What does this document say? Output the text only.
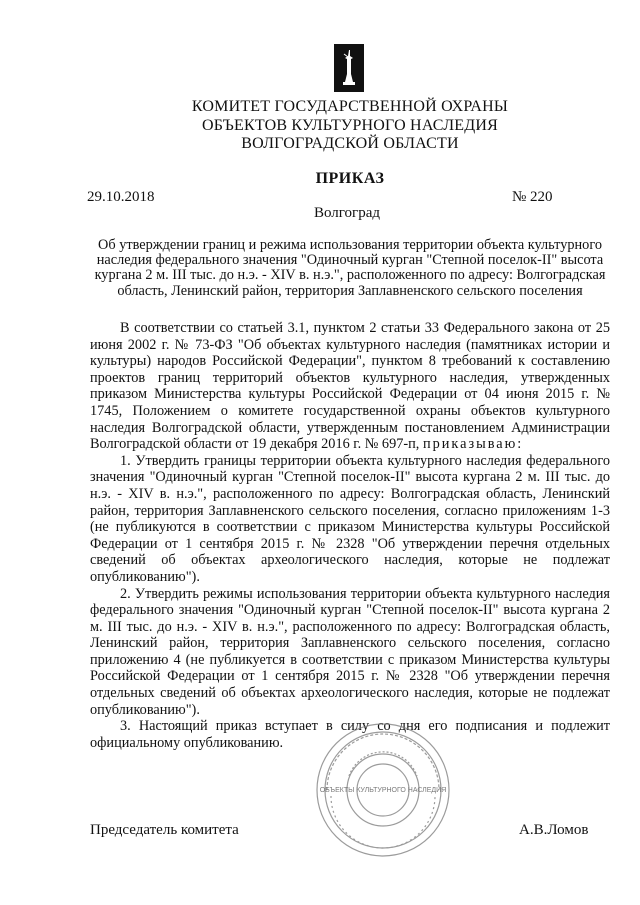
КОМИТЕТ ГОСУДАРСТВЕННОЙ ОХРАНЫ
ОБЪЕКТОВ КУЛЬТУРНОГО НАСЛЕДИЯ
ВОЛГОГРАДСКОЙ ОБЛАСТИ
ПРИКАЗ
29.10.2018	№ 220
Волгоград
Об утверждении границ и режима использования территории объекта культурного наследия федерального значения "Одиночный курган "Степной поселок-II" высота кургана 2 м. III тыс. до н.э. - XIV в. н.э.", расположенного по адресу: Волгоградская область, Ленинский район, территория Заплавненского сельского поселения

В соответствии со статьей 3.1, пунктом 2 статьи 33 Федерального закона от 25 июня 2002 г. № 73-ФЗ "Об объектах культурного наследия (памятниках истории и культуры) народов Российской Федерации", пунктом 8 требований к составлению проектов границ территорий объектов культурного наследия, утвержденных приказом Министерства культуры Российской Федерации от 04 июня 2015 г. № 1745, Положением о комитете государственной охраны объектов культурного наследия Волгоградской области, утвержденным постановлением Администрации Волгоградской области от 19 декабря 2016 г. № 697-п, приказываю:

1. Утвердить границы территории объекта культурного наследия федерального значения "Одиночный курган "Степной поселок-II" высота кургана 2 м. III тыс. до н.э. - XIV в. н.э.", расположенного по адресу: Волгоградская область, Ленинский район, территория Заплавненского сельского поселения, согласно приложениям 1-3 (не публикуются в соответствии с приказом Министерства культуры Российской Федерации от 1 сентября 2015 г. № 2328 "Об утверждении перечня отдельных сведений об объектах археологического наследия, которые не подлежат опубликованию").

2. Утвердить режимы использования территории объекта культурного наследия федерального значения "Одиночный курган "Степной поселок-II" высота кургана 2 м. III тыс. до н.э. - XIV в. н.э.", расположенного по адресу: Волгоградская область, Ленинский район, территория Заплавненского сельского поселения, согласно приложению 4 (не публикуется в соответствии с приказом Министерства культуры Российской Федерации от 1 сентября 2015 г. № 2328 "Об утверждении перечня отдельных сведений об объектах археологического наследия, которые не подлежат опубликованию").

3. Настоящий приказ вступает в силу со дня его подписания и подлежит официальному опубликованию.

Председатель комитета	А.В.Ломов
ОБЪЕКТЫ КУЛЬТУРНОГО НАСЛЕДИЯ
